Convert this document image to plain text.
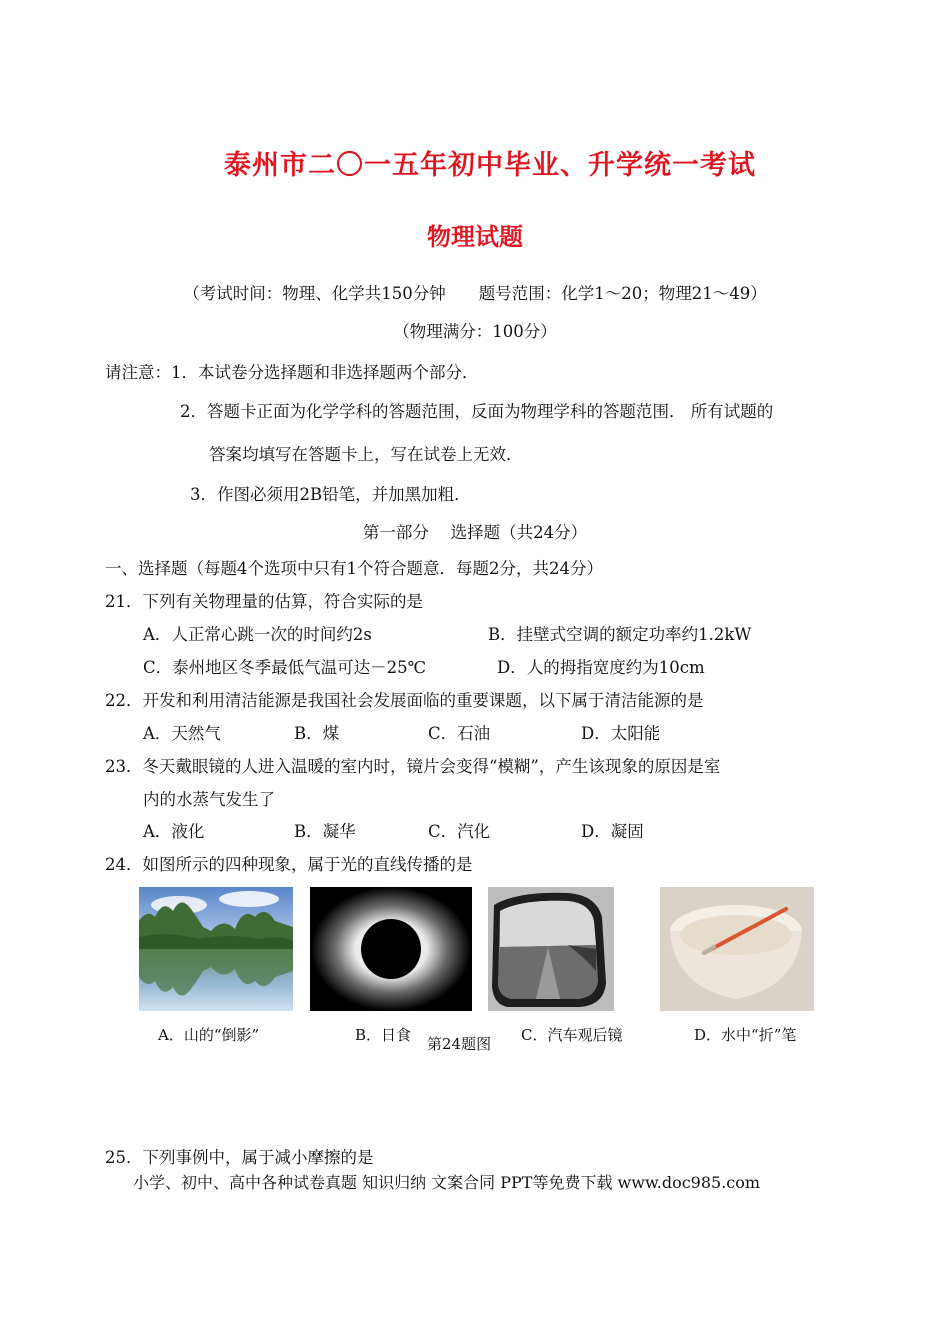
泰州市二〇一五年初中毕业、升学统一考试
物理试题
（考试时间：物理、化学共150分钟　　题号范围：化学1～20；物理21～49）
（物理满分：100分）
请注意：1．本试卷分选择题和非选择题两个部分．
2．答题卡正面为化学学科的答题范围，反面为物理学科的答题范围． 所有试题的
答案均填写在答题卡上，写在试卷上无效．
3．作图必须用2B铅笔，并加黑加粗．
第一部分　 选择题（共24分）
一、选择题（每题4个选项中只有1个符合题意．每题2分，共24分）
21．下列有关物理量的估算，符合实际的是
A．人正常心跳一次的时间约2s	B．挂壁式空调的额定功率约1.2kW
C．泰州地区冬季最低气温可达－25℃	D．人的拇指宽度约为10cm
22．开发和利用清洁能源是我国社会发展面临的重要课题，以下属于清洁能源的是
A．天然气	B．煤	C．石油	D．太阳能
23．冬天戴眼镜的人进入温暖的室内时，镜片会变得“模糊”，产生该现象的原因是室
内的水蒸气发生了
A．液化	B．凝华	C．汽化	D．凝固
24．如图所示的四种现象，属于光的直线传播的是
A．山的“倒影”	B．日食 第24题图 C．汽车观后镜	D．水中“折”笔
25．下列事例中，属于减小摩擦的是
小学、初中、高中各种试卷真题 知识归纳 文案合同 PPT等免费下载 www.doc985.com
